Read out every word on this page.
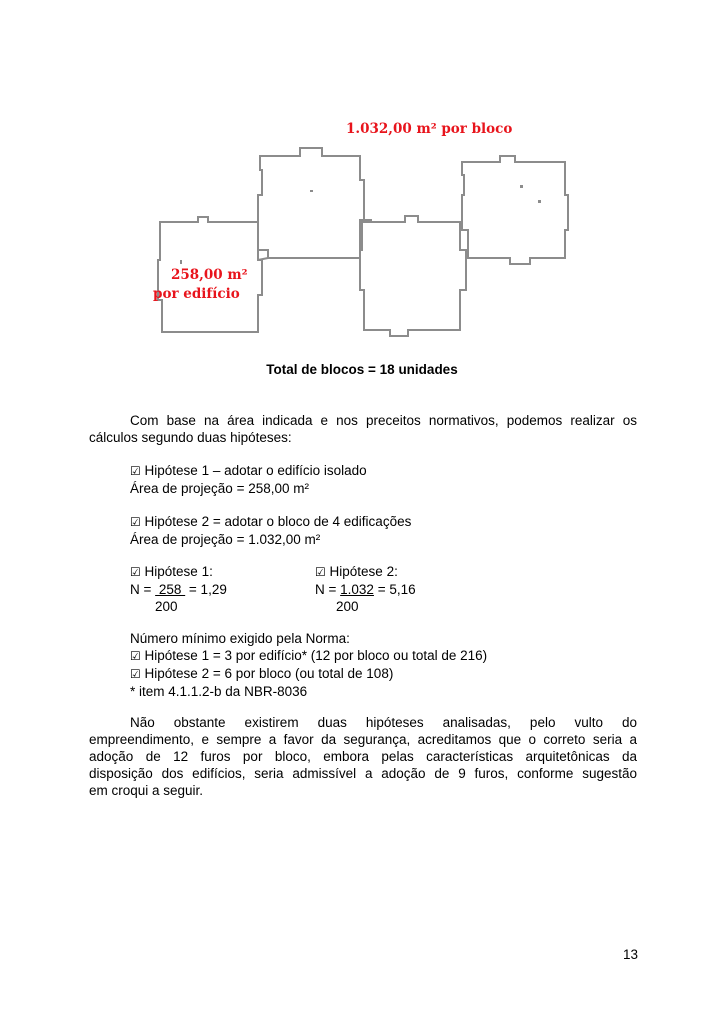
1.032,00 m² por bloco
258,00 m²
por edifício
Total de blocos = 18 unidades
Com base na área indicada e nos preceitos normativos, podemos realizar os cálculos segundo duas hipóteses:
☑ Hipótese 1 – adotar o edifício isolado
Área de projeção = 258,00 m²
☑ Hipótese 2 = adotar o bloco de 4 edificações
Área de projeção = 1.032,00 m²
☑ Hipótese 1:
N =  258  = 1,29
200
☑ Hipótese 2:
N = 1.032 = 5,16
200
Número mínimo exigido pela Norma:
☑ Hipótese 1 = 3 por edifício* (12 por bloco ou total de 216)
☑ Hipótese 2 = 6 por bloco (ou total de 108)
* item 4.1.1.2-b da NBR-8036
Não obstante existirem duas hipóteses analisadas, pelo vulto do
empreendimento, e sempre a favor da segurança, acreditamos que o correto seria a
adoção de 12 furos por bloco, embora pelas características arquitetônicas da
disposição dos edifícios, seria admissível a adoção de 9 furos, conforme sugestão
em croqui a seguir.
13
